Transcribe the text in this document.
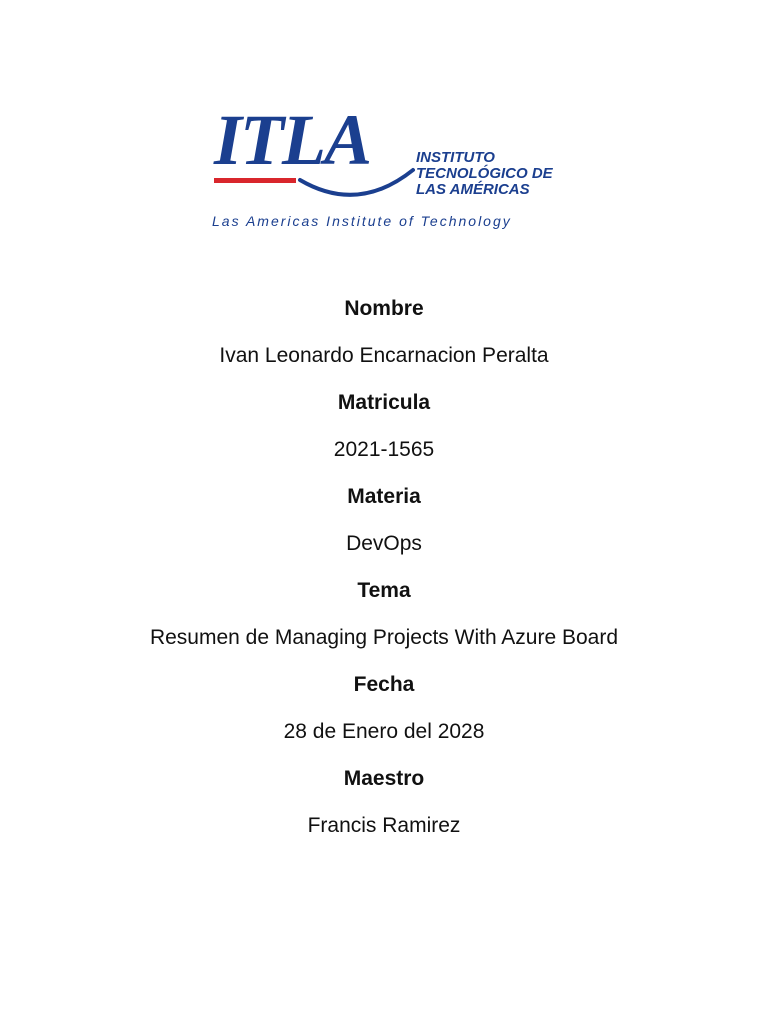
ITLA	INSTITUTO
TECNOLÓGICO DE
LAS AMÉRICAS
Las Americas Institute of Technology
Nombre
Ivan Leonardo Encarnacion Peralta
Matricula
2021-1565
Materia
DevOps
Tema
Resumen de Managing Projects With Azure Board
Fecha
28 de Enero del 2028
Maestro
Francis Ramirez
